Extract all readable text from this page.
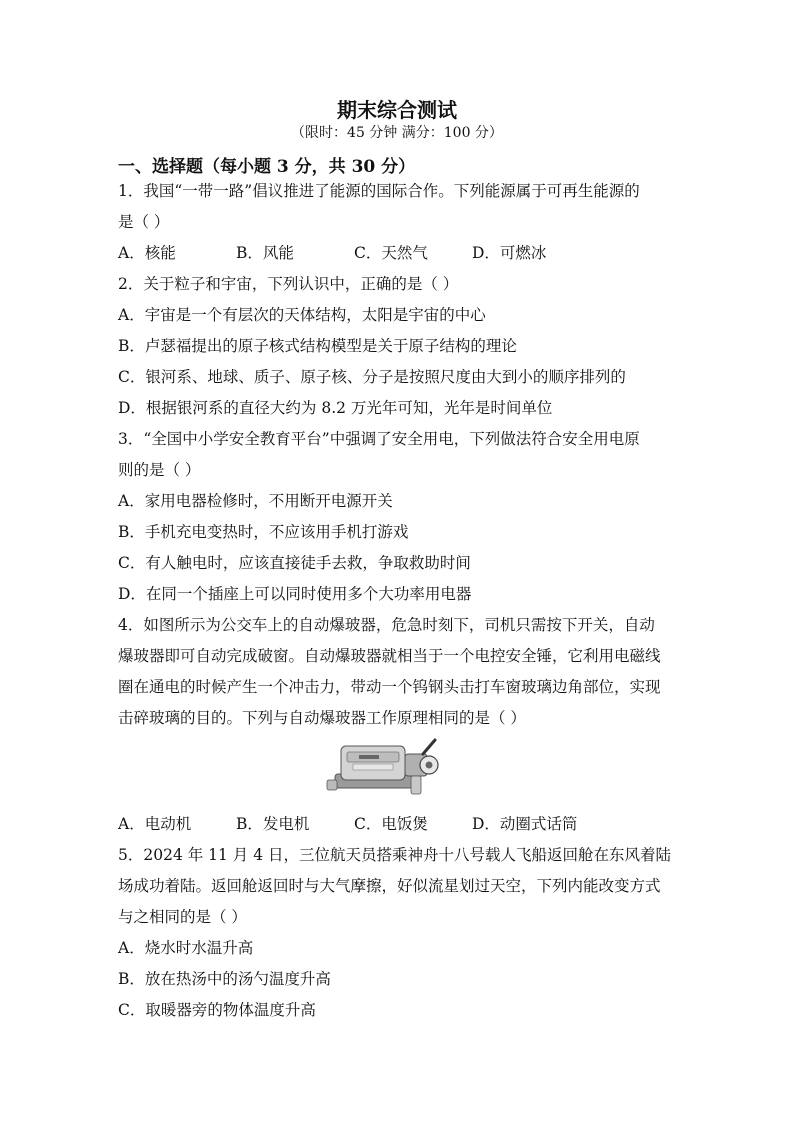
期末综合测试
（限时：45 分钟 满分：100 分）
一、选择题（每小题 3 分，共 30 分）
1．我国“一带一路”倡议推进了能源的国际合作。下列能源属于可再生能源的
是（ ）
A．核能	B．风能	C．天然气	D．可燃冰
2．关于粒子和宇宙，下列认识中，正确的是（ ）
A．宇宙是一个有层次的天体结构，太阳是宇宙的中心
B．卢瑟福提出的原子核式结构模型是关于原子结构的理论
C．银河系、地球、质子、原子核、分子是按照尺度由大到小的顺序排列的
D．根据银河系的直径大约为 8.2 万光年可知，光年是时间单位
3．“全国中小学安全教育平台”中强调了安全用电，下列做法符合安全用电原
则的是（ ）
A．家用电器检修时，不用断开电源开关
B．手机充电变热时，不应该用手机打游戏
C．有人触电时，应该直接徒手去救，争取救助时间
D．在同一个插座上可以同时使用多个大功率用电器
4．如图所示为公交车上的自动爆玻器，危急时刻下，司机只需按下开关，自动
爆玻器即可自动完成破窗。自动爆玻器就相当于一个电控安全锤，它利用电磁线
圈在通电的时候产生一个冲击力，带动一个钨钢头击打车窗玻璃边角部位，实现
击碎玻璃的目的。下列与自动爆玻器工作原理相同的是（ ）
A．电动机	B．发电机	C．电饭煲	D．动圈式话筒
5．2024 年 11 月 4 日，三位航天员搭乘神舟十八号载人飞船返回舱在东风着陆
场成功着陆。返回舱返回时与大气摩擦，好似流星划过天空，下列内能改变方式
与之相同的是（ ）
A．烧水时水温升高
B．放在热汤中的汤勺温度升高
C．取暖器旁的物体温度升高
